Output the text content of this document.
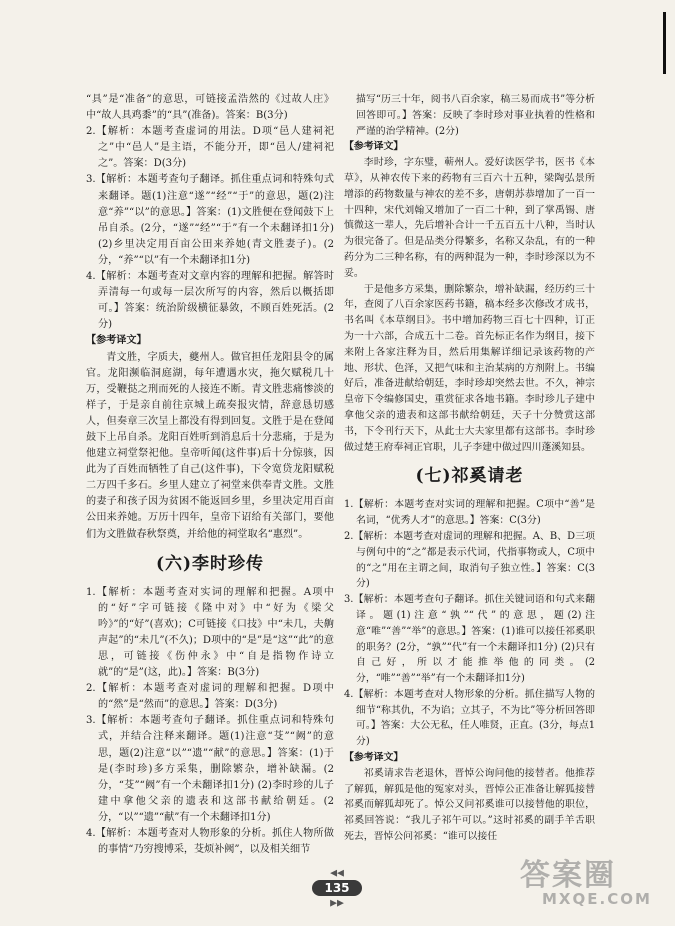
“具”是“准备”的意思，可链接孟浩然的《过故人庄》中“故人具鸡黍”的“具”(准备)。答案：B(3分)

2.【解析：本题考查虚词的用法。D项“邑人建祠祀之”中“邑人”是主语，不能分开，即“邑人/建祠祀之”。答案：D(3分)

3.【解析：本题考查句子翻译。抓住重点词和特殊句式来翻译。题(1)注意“遂”“经”“于”的意思，题(2)注意“养”“以”的意思。】答案：(1)文胜便在登闻鼓下上吊自杀。(2分，“遂”“经”“于”有一个未翻译扣1分) (2)乡里决定用百亩公田来养她(青文胜妻子)。(2分，“养”“以”有一个未翻译扣1分)

4.【解析：本题考查对文章内容的理解和把握。解答时弄清每一句或每一层次所写的内容，然后以概括即可。】答案：统治阶级横征暴敛，不顾百姓死活。(2分)

【参考译文】

青文胜，字质夫，夔州人。做官担任龙阳县令的属官。龙阳濒临洞庭湖，每年遭遇水灾，拖欠赋税几十万，受鞭挞之刑而死的人接连不断。青文胜悲痛惨淡的样子，于是亲自前往京城上疏奏报灾情，辞意恳切感人，但奏章三次呈上都没有得到回复。文胜于是在登闻鼓下上吊自杀。龙阳百姓听到消息后十分悲痛，于是为他建立祠堂祭祀他。皇帝听闻(这件事)后十分惊骇，因此为了百姓而牺牲了自己(这件事)，下令宽贷龙阳赋税二万四千多石。乡里人建立了祠堂来供奉青文胜。文胜的妻子和孩子因为贫困不能返回乡里，乡里决定用百亩公田来养她。万历十四年，皇帝下诏给有关部门，要他们为文胜做春秋祭奠，并给他的祠堂取名“惠烈”。

(六)李时珍传

1.【解析：本题考查对实词的理解和把握。A项中的“好”字可链接《隆中对》中“好为《梁父吟》”的“好”(喜欢)；C可链接《口技》中“未几，夫齁声起”的“未几”(不久)；D项中的“是”是“这”“此”的意思，可链接《伤仲永》中“自是指物作诗立就”的“是”(这，此)。】答案：B(3分)

2.【解析：本题考查对虚词的理解和把握。D项中的“然”是“然而”的意思。】答案：D(3分)

3.【解析：本题考查句子翻译。抓住重点词和特殊句式，并结合注释来翻译。题(1)注意“芟”“阙”的意思，题(2)注意“以”“遗”“献”的意思。】答案：(1)于是(李时珍)多方采集，删除繁杂，增补缺漏。(2分，“芟”“阙”有一个未翻译扣1分) (2)李时珍的儿子建中拿他父亲的遗表和这部书献给朝廷。(2分，“以”“遗”“献”有一个未翻译扣1分)

4.【解析：本题考查对人物形象的分析。抓住人物所做的事情“乃穷搜博采，芟烦补阙”，以及相关细节

描写“历三十年，阅书八百余家，稿三易而成书”等分析回答即可。】答案：反映了李时珍对事业执着的性格和严谨的治学精神。(2分)

【参考译文】

李时珍，字东璧，蕲州人。爱好读医学书，医书《本草》，从神农传下来的药物有三百六十五种，梁陶弘景所增添的药物数量与神农的差不多，唐朝苏恭增加了一百一十四种，宋代刘翰又增加了一百二十种，到了掌禹锡、唐慎微这一辈人，先后增补合计一千五百五十八种，当时认为很完备了。但是品类分得繁多，名称又杂乱，有的一种药分为二三种名称，有的两种混为一种，李时珍深以为不妥。

于是他多方采集，删除繁杂，增补缺漏，经历约三十年，查阅了八百余家医药书籍，稿本经多次修改才成书，书名叫《本草纲目》。书中增加药物三百七十四种，订正为一十六部，合成五十二卷。首先标正名作为纲目，接下来附上各家注释为目，然后用集解详细记录该药物的产地、形状、色泽，又把气味和主治某病的方剂附上。书编好后，准备进献给朝廷，李时珍却突然去世。不久，神宗皇帝下令编修国史，重赏征求各地书籍。李时珍儿子建中拿他父亲的遗表和这部书献给朝廷，天子十分赞赏这部书，下令刊行天下，从此士大夫家里都有这部书。李时珍做过楚王府奉祠正官职，儿子李建中做过四川蓬溪知县。

(七)祁奚请老

1.【解析：本题考查对实词的理解和把握。C项中“善”是名词，“优秀人才”的意思。】答案：C(3分)

2.【解析：本题考查对虚词的理解和把握。A、B、D三项与例句中的“之”都是表示代词，代指事物或人，C项中的“之”用在主谓之间，取消句子独立性。】答案：C(3分)

3.【解析：本题考查句子翻译。抓住关键词语和句式来翻译。题(1)注意“孰”“代”的意思，题(2)注意“唯”“善”“举”的意思。】答案：(1)谁可以接任祁奚职的职务？(2分，“孰”“代”有一个未翻译扣1分) (2)只有自己好，所以才能推举他的同类。(2分，“唯”“善”“举”有一个未翻译扣1分)

4.【解析：本题考查对人物形象的分析。抓住描写人物的细节“称其仇，不为谄；立其子，不为比”等分析回答即可。】答案：大公无私，任人唯贤，正直。(3分，每点1分)

【参考译文】

祁奚请求告老退休，晋悼公询问他的接替者。他推荐了解狐，解狐是他的冤家对头，晋悼公正准备让解狐接替祁奚而解狐却死了。悼公又问祁奚谁可以接替他的职位，祁奚回答说：“我儿子祁午可以。”这时祁奚的副手羊舌职死去，晋悼公问祁奚：“谁可以接任

◀◀ 135 ▶▶
答案圈
MXQE.COM
